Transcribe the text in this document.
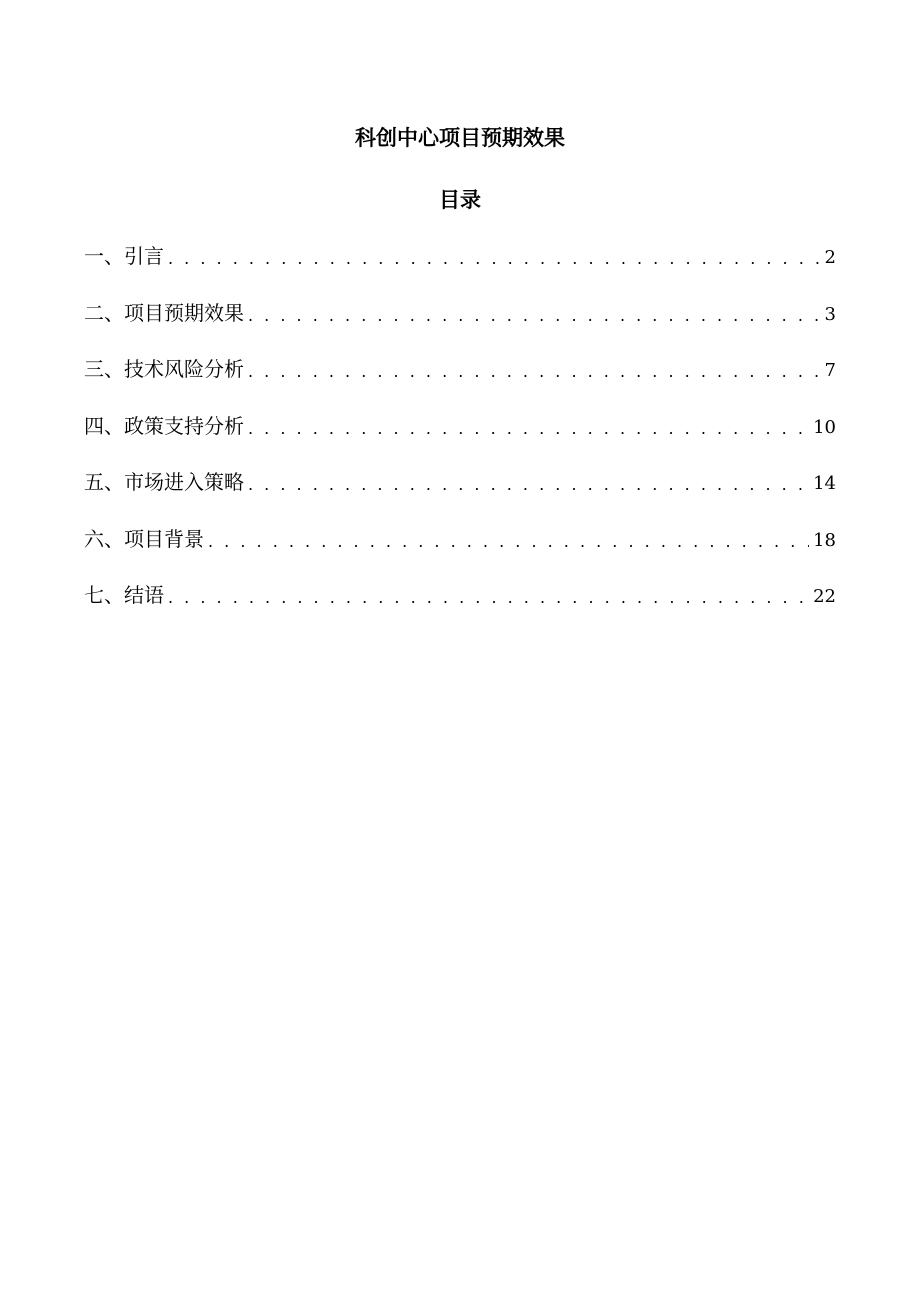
科创中心项目预期效果
目录
一、引言 . . .	2
二、项目预期效果 . . .	3
三、技术风险分析 . . .	7
四、政策支持分析 . . .	10
五、市场进入策略 . . .	14
六、项目背景 . . .	18
七、结语 . . .	22
